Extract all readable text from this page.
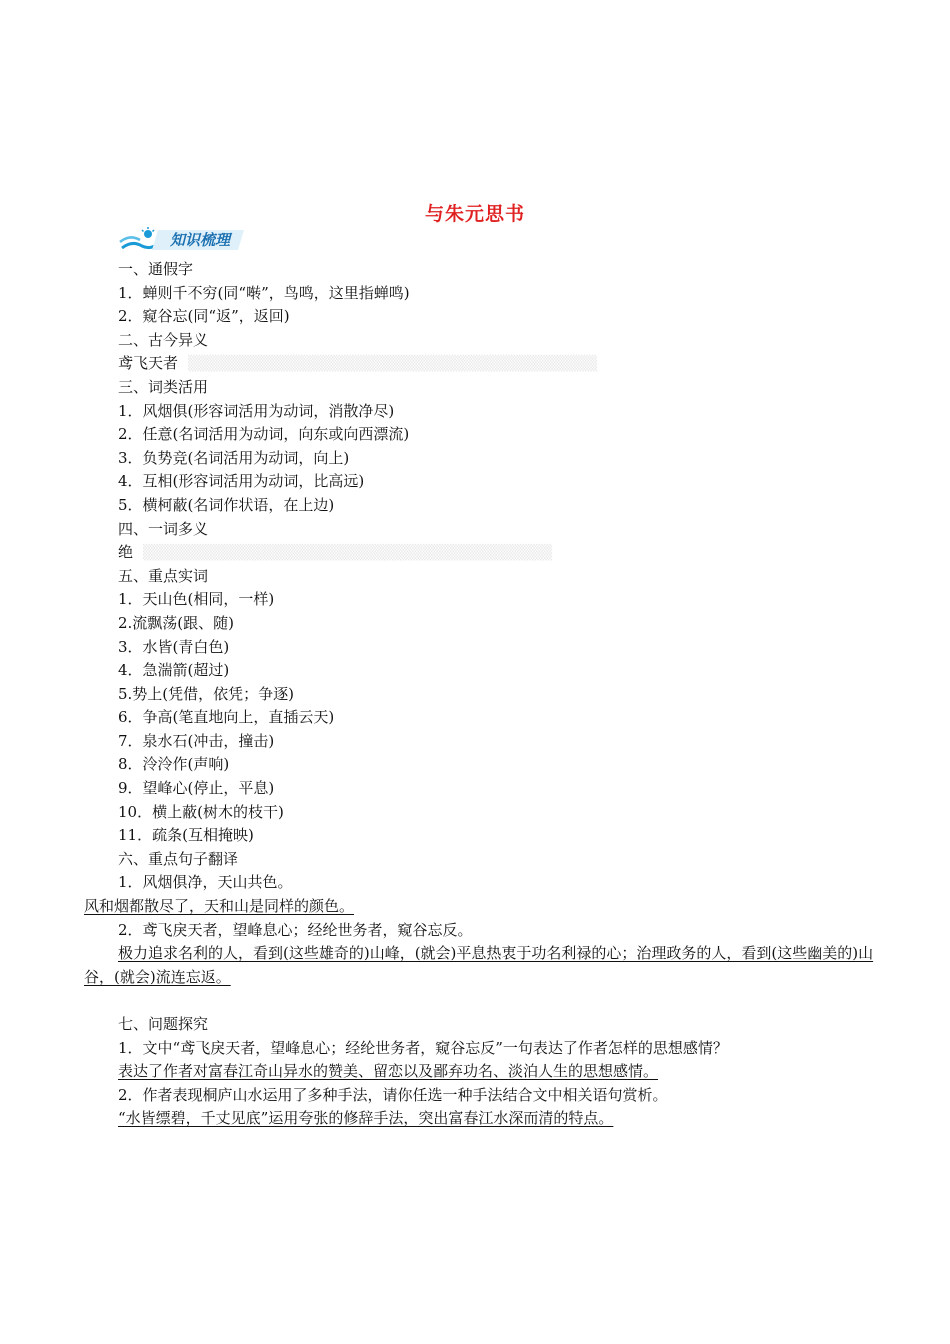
与朱元思书
知识梳理
一、通假字
1．蝉则千不穷(同“啭”，鸟鸣，这里指蝉鸣)
2．窥谷忘(同“返”，返回)
二、古今异义
鸢飞天者 ▒▒▒▒▒▒▒▒▒▒▒▒▒▒▒▒▒▒▒▒▒▒▒▒▒▒▒▒▒▒▒▒▒▒▒▒▒▒
三、词类活用
1．风烟俱(形容词活用为动词，消散净尽)
2．任意(名词活用为动词，向东或向西漂流)
3．负势竞(名词活用为动词，向上)
4．互相(形容词活用为动词，比高远)
5．横柯蔽(名词作状语，在上边)
四、一词多义
绝 ▒▒▒▒▒▒▒▒▒▒▒▒▒▒▒▒▒▒▒▒▒▒▒▒▒▒▒▒▒▒▒▒▒▒▒▒▒▒
五、重点实词
1．天山色(相同，一样)
2.流飘荡(跟、随)
3．水皆(青白色)
4．急湍箭(超过)
5.势上(凭借，依凭；争逐)
6．争高(笔直地向上，直插云天)
7．泉水石(冲击，撞击)
8．泠泠作(声响)
9．望峰心(停止，平息)
10．横上蔽(树木的枝干)
11．疏条(互相掩映)
六、重点句子翻译
1．风烟俱净，天山共色。
风和烟都散尽了，天和山是同样的颜色。
2．鸢飞戾天者，望峰息心；经纶世务者，窥谷忘反。
极力追求名利的人，看到(这些雄奇的)山峰，(就会)平息热衷于功名利禄的心；治理政务的人，看到(这些幽美的)山谷，(就会)流连忘返。
七、问题探究
1．文中“鸢飞戾天者，望峰息心；经纶世务者，窥谷忘反”一句表达了作者怎样的思想感情？
表达了作者对富春江奇山异水的赞美、留恋以及鄙弃功名、淡泊人生的思想感情。
2．作者表现桐庐山水运用了多种手法，请你任选一种手法结合文中相关语句赏析。
“水皆缥碧，千丈见底”运用夸张的修辞手法，突出富春江水深而清的特点。
